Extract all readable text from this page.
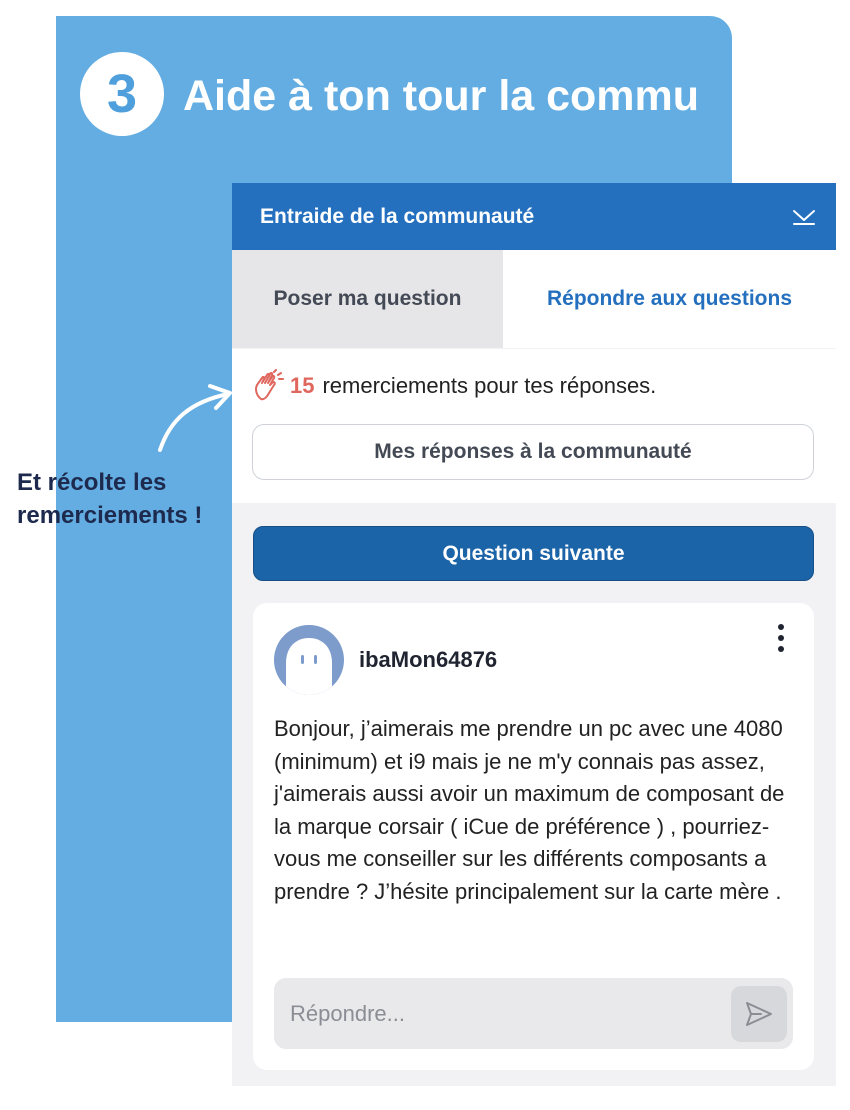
3 Aide à ton tour la commu
Et récolte les remerciements !
Entraide de la communauté
Poser ma question	Répondre aux questions
15 remerciements pour tes réponses.
Mes réponses à la communauté
Question suivante
ibaMon64876
Bonjour, j’aimerais me prendre un pc avec une 4080 (minimum) et i9 mais je ne m'y connais pas assez, j'aimerais aussi avoir un maximum de composant de la marque corsair ( iCue de préférence ) , pourriez-vous me conseiller sur les différents composants a prendre ? J’hésite principalement sur la carte mère .
Répondre...
